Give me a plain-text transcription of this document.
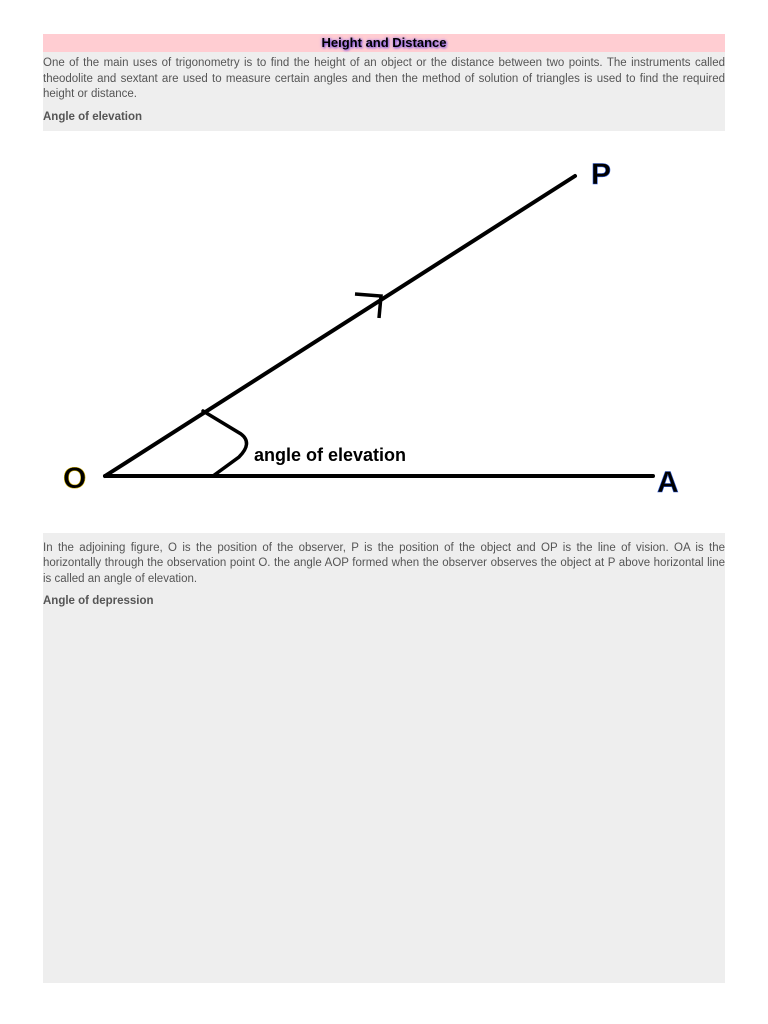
Height and Distance

One of the main uses of trigonometry is to find the height of an object or the distance between two points. The instruments called theodolite and sextant are used to measure certain angles and then the method of solution of triangles is used to find the required height or distance.

Angle of elevation
O
P
A
angle of elevation

In the adjoining figure, O is the position of the observer, P is the position of the object and OP is the line of vision. OA is the horizontally through the observation point O. the angle AOP formed when the observer observes the object at P above horizontal line is called an angle of elevation.

Angle of depression
